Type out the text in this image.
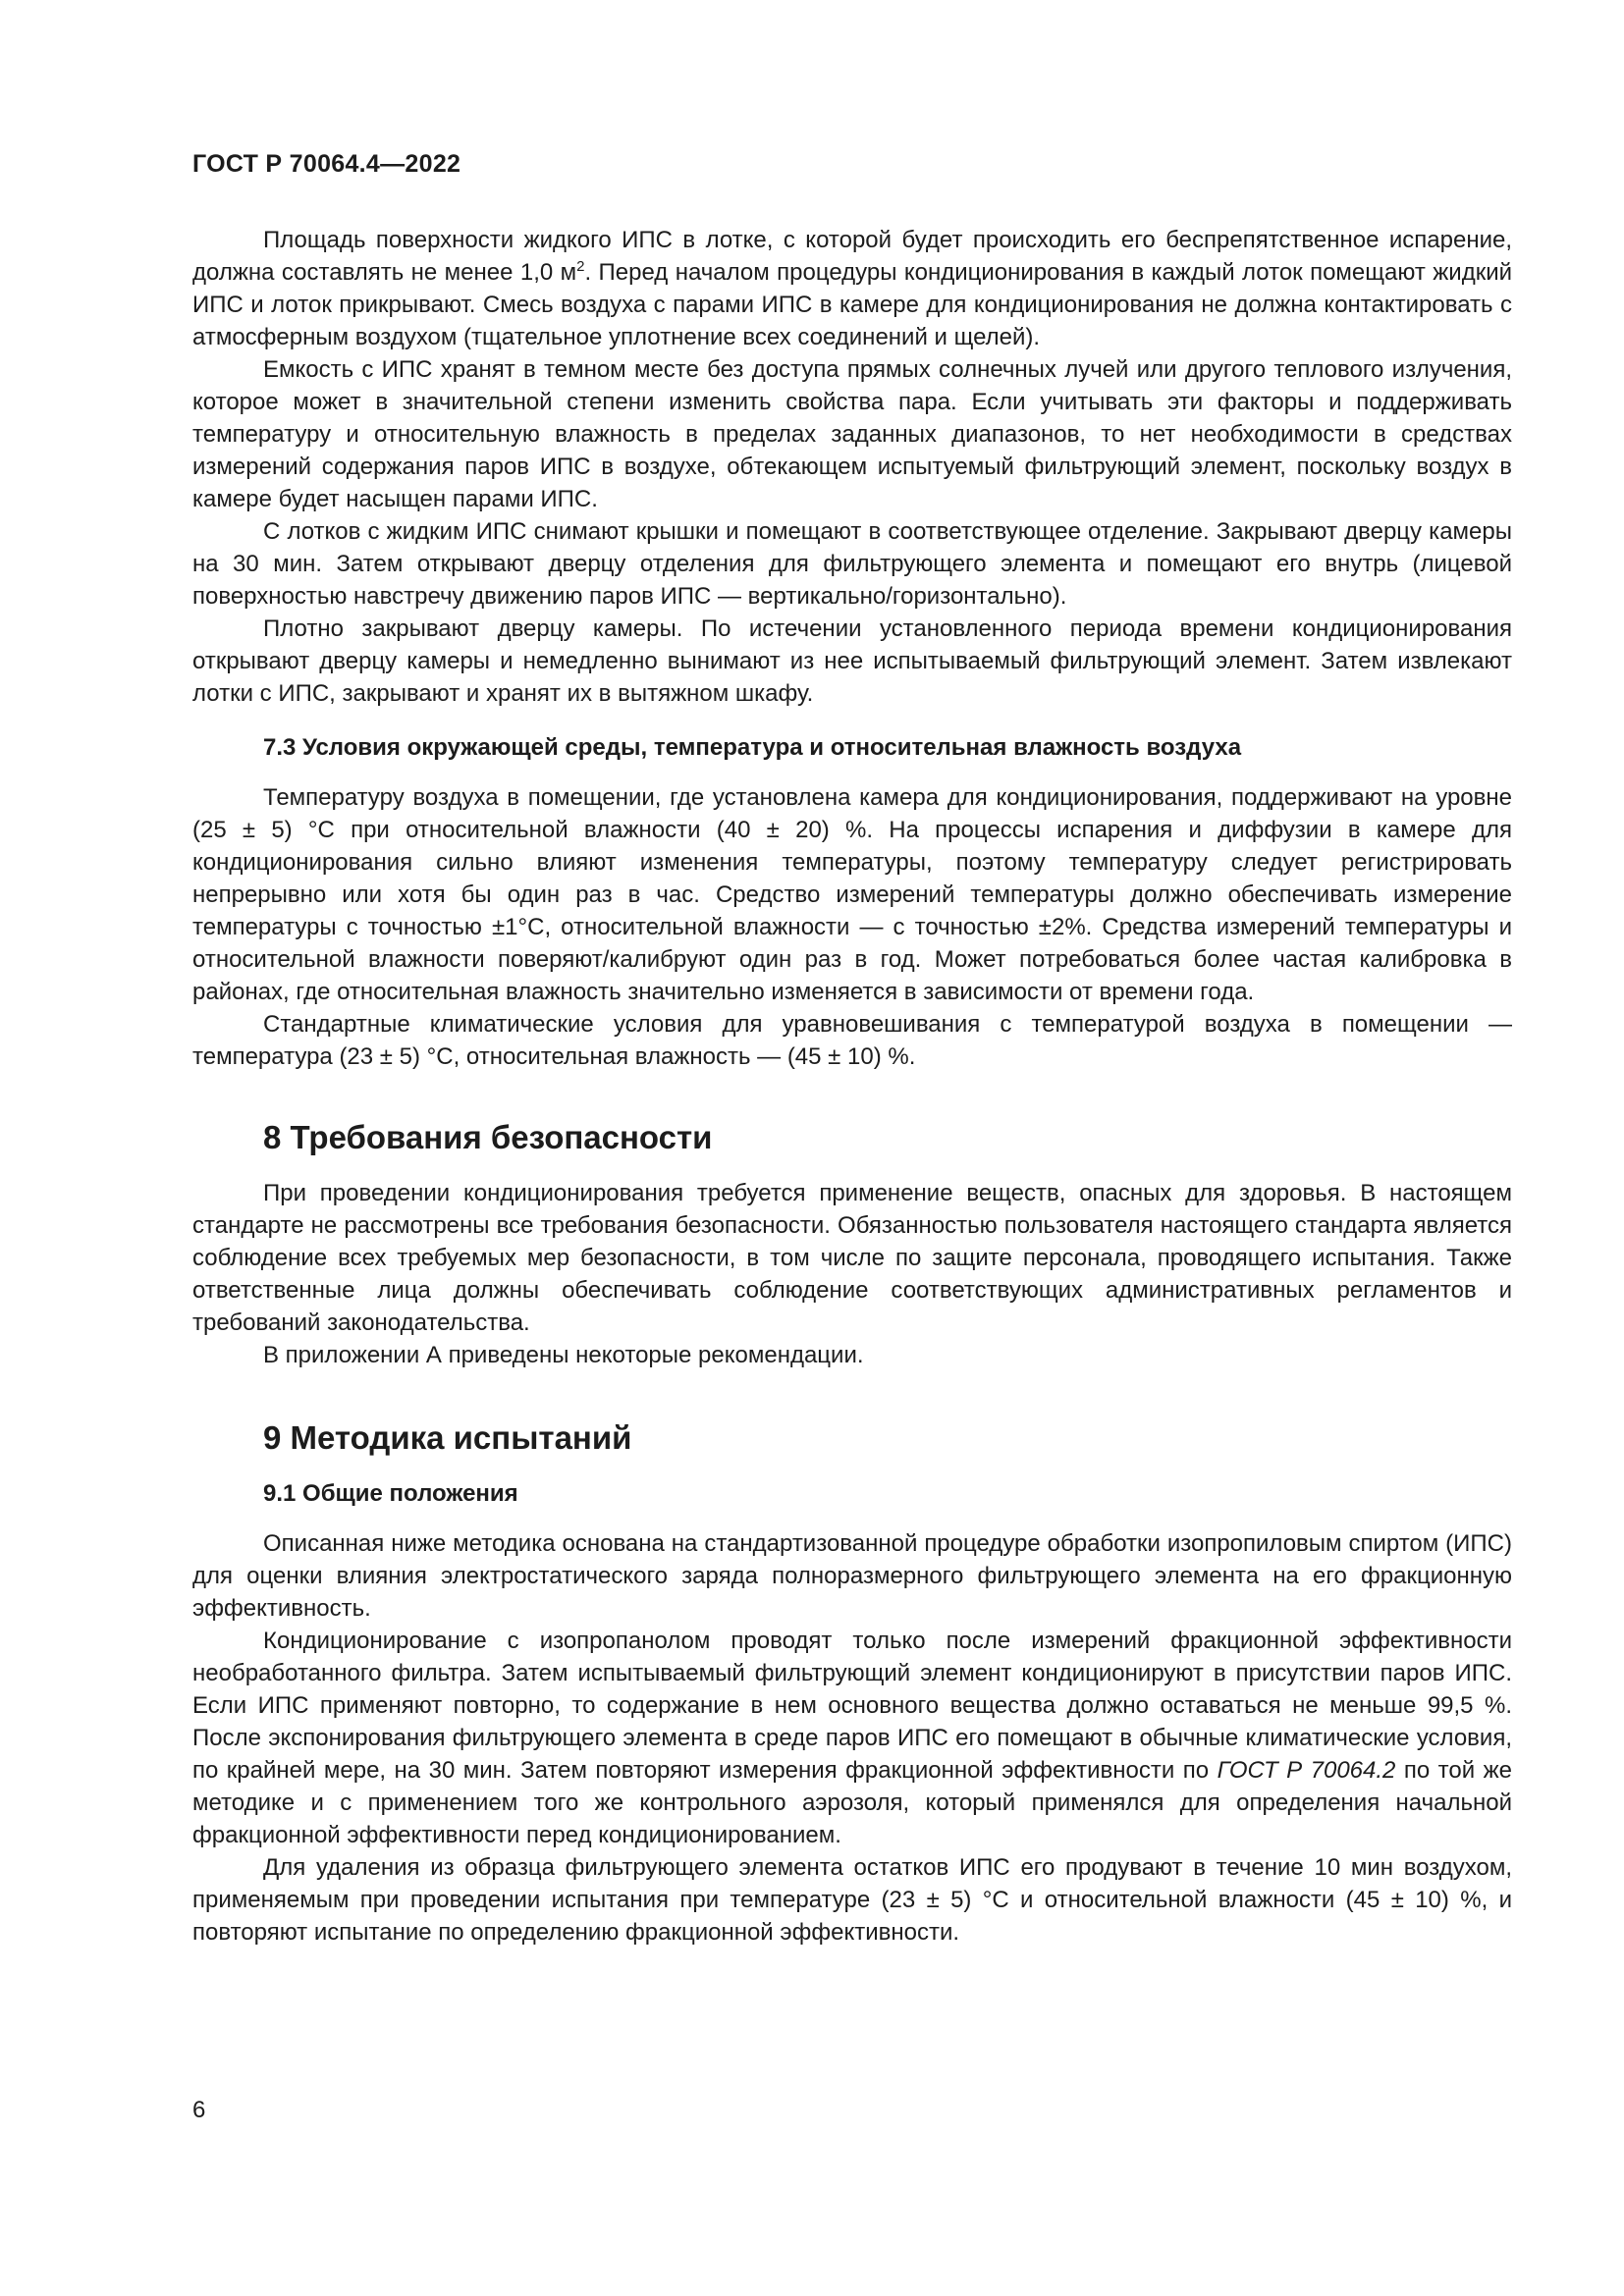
ГОСТ Р 70064.4—2022

Площадь поверхности жидкого ИПС в лотке, с которой будет происходить его беспрепятственное испарение, должна составлять не менее 1,0 $м^2$. Перед началом процедуры кондиционирования в каждый лоток помещают жидкий ИПС и лоток прикрывают. Смесь воздуха с парами ИПС в камере для кондиционирования не должна контактировать с атмосферным воздухом (тщательное уплотнение всех соединений и щелей).

Емкость с ИПС хранят в темном месте без доступа прямых солнечных лучей или другого теплового излучения, которое может в значительной степени изменить свойства пара. Если учитывать эти факторы и поддерживать температуру и относительную влажность в пределах заданных диапазонов, то нет необходимости в средствах измерений содержания паров ИПС в воздухе, обтекающем испытуемый фильтрующий элемент, поскольку воздух в камере будет насыщен парами ИПС.

С лотков с жидким ИПС снимают крышки и помещают в соответствующее отделение. Закрывают дверцу камеры на 30 мин. Затем открывают дверцу отделения для фильтрующего элемента и помещают его внутрь (лицевой поверхностью навстречу движению паров ИПС — вертикально/горизонтально).

Плотно закрывают дверцу камеры. По истечении установленного периода времени кондиционирования открывают дверцу камеры и немедленно вынимают из нее испытываемый фильтрующий элемент. Затем извлекают лотки с ИПС, закрывают и хранят их в вытяжном шкафу.

7.3 Условия окружающей среды, температура и относительная влажность воздуха

Температуру воздуха в помещении, где установлена камера для кондиционирования, поддерживают на уровне (25 ± 5) °С при относительной влажности (40 ± 20) %. На процессы испарения и диффузии в камере для кондиционирования сильно влияют изменения температуры, поэтому температуру следует регистрировать непрерывно или хотя бы один раз в час. Средство измерений температуры должно обеспечивать измерение температуры с точностью ±1°С, относительной влажности — с точностью ±2%. Средства измерений температуры и относительной влажности поверяют/калибруют один раз в год. Может потребоваться более частая калибровка в районах, где относительная влажность значительно изменяется в зависимости от времени года.

Стандартные климатические условия для уравновешивания с температурой воздуха в помещении — температура (23 ± 5) °С, относительная влажность — (45 ± 10) %.

8 Требования безопасности

При проведении кондиционирования требуется применение веществ, опасных для здоровья. В настоящем стандарте не рассмотрены все требования безопасности. Обязанностью пользователя настоящего стандарта является соблюдение всех требуемых мер безопасности, в том числе по защите персонала, проводящего испытания. Также ответственные лица должны обеспечивать соблюдение соответствующих административных регламентов и требований законодательства.

В приложении А приведены некоторые рекомендации.

9 Методика испытаний
9.1 Общие положения

Описанная ниже методика основана на стандартизованной процедуре обработки изопропиловым спиртом (ИПС) для оценки влияния электростатического заряда полноразмерного фильтрующего элемента на его фракционную эффективность.

Кондиционирование с изопропанолом проводят только после измерений фракционной эффективности необработанного фильтра. Затем испытываемый фильтрующий элемент кондиционируют в присутствии паров ИПС. Если ИПС применяют повторно, то содержание в нем основного вещества должно оставаться не меньше 99,5 %. После экспонирования фильтрующего элемента в среде паров ИПС его помещают в обычные климатические условия, по крайней мере, на 30 мин. Затем повторяют измерения фракционной эффективности по ГОСТ Р 70064.2 по той же методике и с применением того же контрольного аэрозоля, который применялся для определения начальной фракционной эффективности перед кондиционированием.

Для удаления из образца фильтрующего элемента остатков ИПС его продувают в течение 10 мин воздухом, применяемым при проведении испытания при температуре (23 ± 5) °С и относительной влажности (45 ± 10) %, и повторяют испытание по определению фракционной эффективности.

6
